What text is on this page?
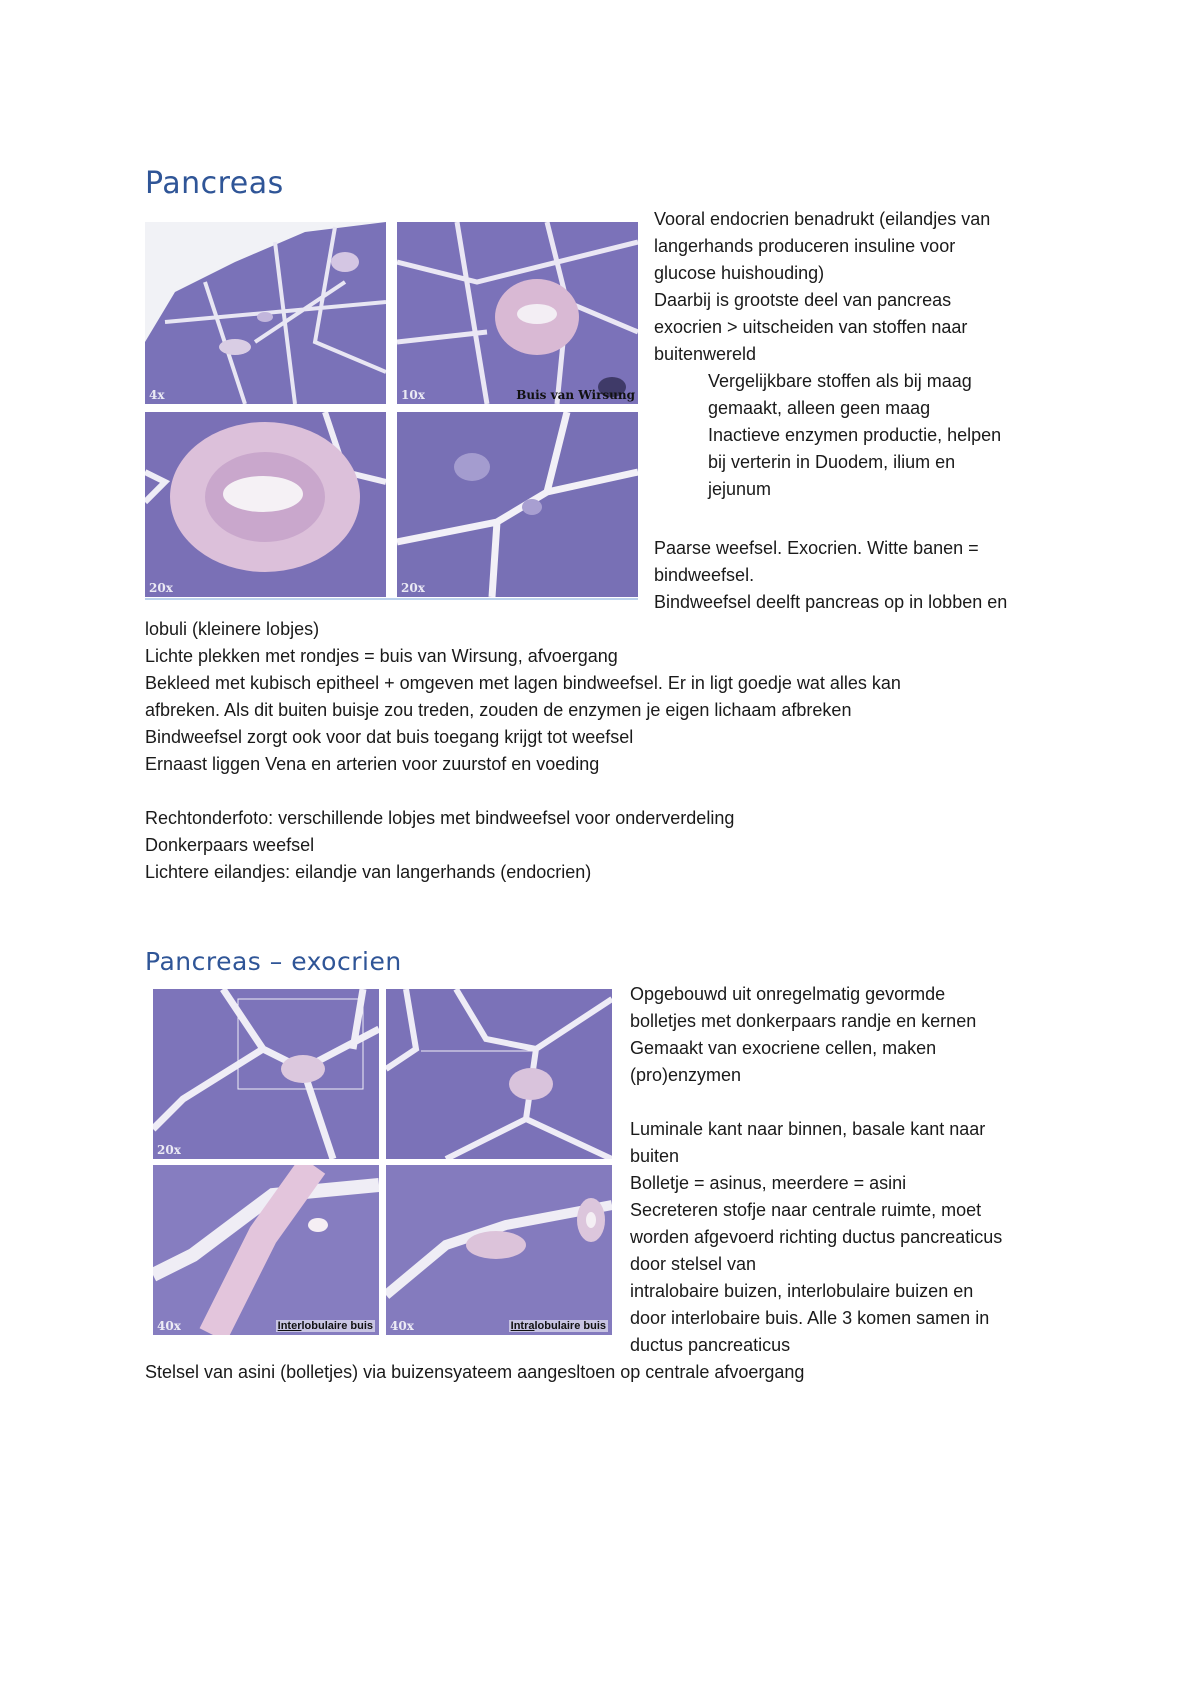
Pancreas
4x	10x	Buis van Wirsung
20x	20x
Vooral endocrien benadrukt (eilandjes van
langerhands produceren insuline voor
glucose huishouding)
Daarbij is grootste deel van pancreas
exocrien > uitscheiden van stoffen naar
buitenwereld
Vergelijkbare stoffen als bij maag
gemaakt, alleen geen maag
Inactieve enzymen productie, helpen
bij verterin in Duodem, ilium en
jejunum
Paarse weefsel. Exocrien. Witte banen =
bindweefsel.
Bindweefsel deelft pancreas op in lobben en
lobuli (kleinere lobjes)
Lichte plekken met rondjes = buis van Wirsung, afvoergang
Bekleed met kubisch epitheel + omgeven met lagen bindweefsel. Er in ligt goedje wat alles kan
afbreken. Als dit buiten buisje zou treden, zouden de enzymen je eigen lichaam afbreken
Bindweefsel zorgt ook voor dat buis toegang krijgt tot weefsel
Ernaast liggen Vena en arterien voor zuurstof en voeding
Rechtonderfoto: verschillende lobjes met bindweefsel voor onderverdeling
Donkerpaars weefsel
Lichtere eilandjes: eilandje van langerhands (endocrien)
Pancreas – exocrien
20x
40x	Interlobulaire buis 40x	Intralobulaire buis
Opgebouwd uit onregelmatig gevormde
bolletjes met donkerpaars randje en kernen
Gemaakt van exocriene cellen, maken
(pro)enzymen
Luminale kant naar binnen, basale kant naar
buiten
Bolletje = asinus, meerdere = asini
Secreteren stofje naar centrale ruimte, moet
worden afgevoerd richting ductus pancreaticus
door stelsel van
intralobaire buizen, interlobulaire buizen en
door interlobaire buis. Alle 3 komen samen in
ductus pancreaticus
Stelsel van asini (bolletjes) via buizensyateem aangesltoen op centrale afvoergang
